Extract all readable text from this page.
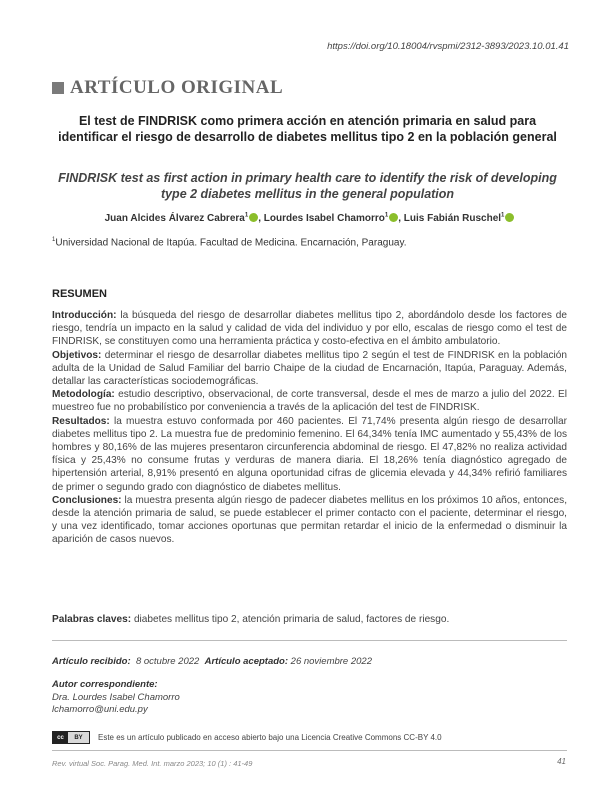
https://doi.org/10.18004/rvspmi/2312-3893/2023.10.01.41
ARTÍCULO ORIGINAL
El test de FINDRISK como primera acción en atención primaria en salud para identificar el riesgo de desarrollo de diabetes mellitus tipo 2 en la población general
FINDRISK test as first action in primary health care to identify the risk of developing type 2 diabetes mellitus in the general population
Juan Alcides Álvarez Cabrera$^1$ , Lourdes Isabel Chamorro$^1$ , Luis Fabián Ruschel$^1$
$^1$Universidad Nacional de Itapúa. Facultad de Medicina. Encarnación, Paraguay.
RESUMEN

Introducción: la búsqueda del riesgo de desarrollar diabetes mellitus tipo 2, abordándolo desde los factores de riesgo, tendría un impacto en la salud y calidad de vida del individuo y por ello, escalas de riesgo como el test de FINDRISK, se constituyen como una herramienta práctica y costo-efectiva en el ámbito ambulatorio.

Objetivos: determinar el riesgo de desarrollar diabetes mellitus tipo 2 según el test de FINDRISK en la población adulta de la Unidad de Salud Familiar del barrio Chaipe de la ciudad de Encarnación, Itapúa, Paraguay. Además, detallar las características sociodemográficas.

Metodología: estudio descriptivo, observacional, de corte transversal, desde el mes de marzo a julio del 2022. El muestreo fue no probabilístico por conveniencia a través de la aplicación del test de FINDRISK.

Resultados: la muestra estuvo conformada por 460 pacientes. El 71,74% presenta algún riesgo de desarrollar diabetes mellitus tipo 2. La muestra fue de predominio femenino. El 64,34% tenía IMC aumentado y 55,43% de los hombres y 80,16% de las mujeres presentaron circunferencia abdominal de riesgo. El 47,82% no realiza actividad física y 25,43% no consume frutas y verduras de manera diaria. El 18,26% tenía diagnóstico agregado de hipertensión arterial, 8,91% presentó en alguna oportunidad cifras de glicemia elevada y 44,34% refirió familiares de primer o segundo grado con diagnóstico de diabetes mellitus.

Conclusiones: la muestra presenta algún riesgo de padecer diabetes mellitus en los próximos 10 años, entonces, desde la atención primaria de salud, se puede establecer el primer contacto con el paciente, determinar el riesgo, y una vez identificado, tomar acciones oportunas que permitan retardar el inicio de la enfermedad o disminuir la aparición de casos nuevos.

Palabras claves: diabetes mellitus tipo 2, atención primaria de salud, factores de riesgo.
Artículo recibido: 8 octubre 2022 Artículo aceptado: 26 noviembre 2022
Autor correspondiente:
Dra. Lourdes Isabel Chamorro
lchamorro@uni.edu.py
cc	BY	Este es un artículo publicado en acceso abierto bajo una Licencia Creative Commons CC-BY 4.0
Rev. virtual Soc. Parag. Med. Int. marzo 2023; 10 (1) : 41-49	41
